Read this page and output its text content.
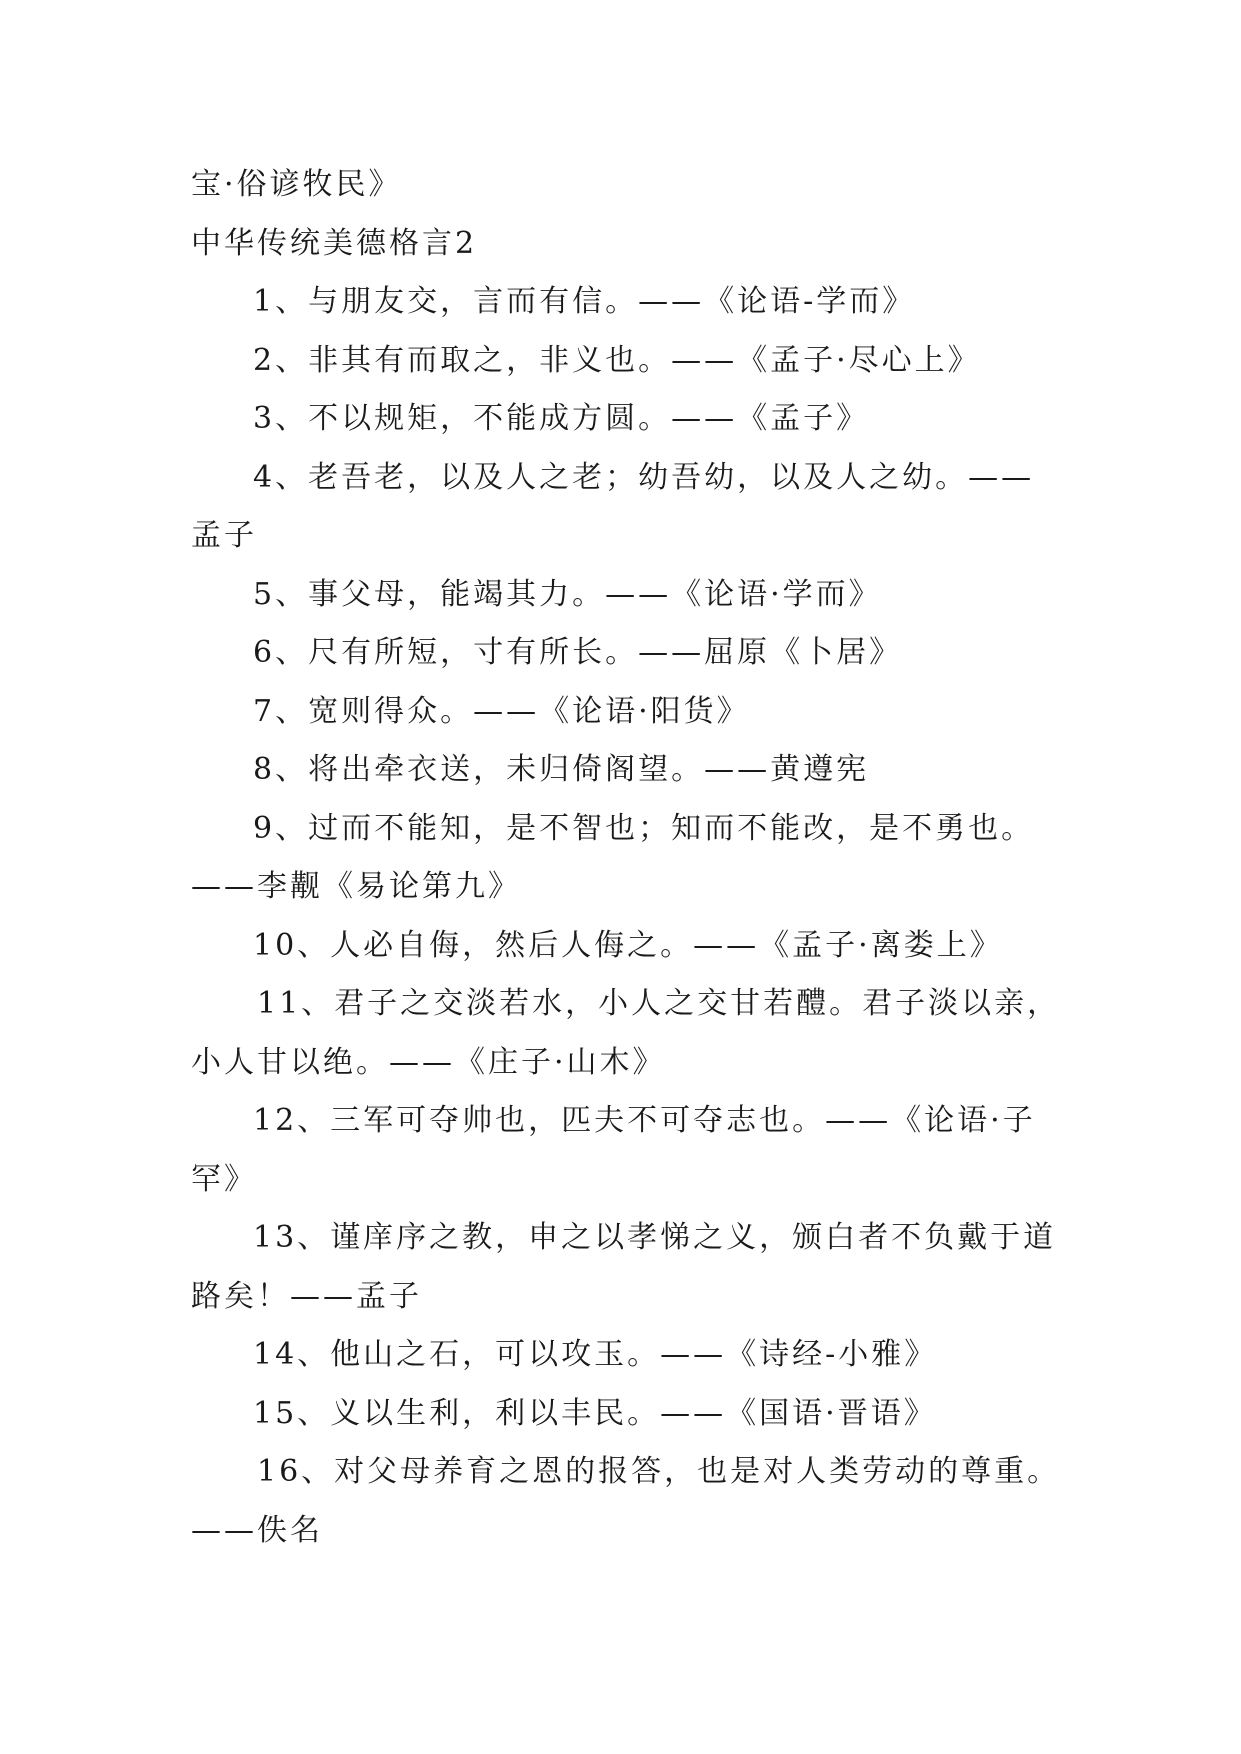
宝·俗谚牧民》
中华传统美德格言2
1、与朋友交，言而有信。——《论语-学而》
2、非其有而取之，非义也。——《孟子·尽心上》
3、不以规矩，不能成方圆。——《孟子》
4、老吾老，以及人之老；幼吾幼，以及人之幼。——
孟子
5、事父母，能竭其力。——《论语·学而》
6、尺有所短，寸有所长。——屈原《卜居》
7、宽则得众。——《论语·阳货》
8、将出牵衣送，未归倚阁望。——黄遵宪
9、过而不能知，是不智也；知而不能改，是不勇也。
——李觏《易论第九》
10、人必自侮，然后人侮之。——《孟子·离娄上》
11、君子之交淡若水，小人之交甘若醴。君子淡以亲，
小人甘以绝。——《庄子·山木》
12、三军可夺帅也，匹夫不可夺志也。——《论语·子
罕》
13、谨庠序之教，申之以孝悌之义，颁白者不负戴于道
路矣！——孟子
14、他山之石，可以攻玉。——《诗经-小雅》
15、义以生利，利以丰民。——《国语·晋语》
16、对父母养育之恩的报答，也是对人类劳动的尊重。
——佚名
